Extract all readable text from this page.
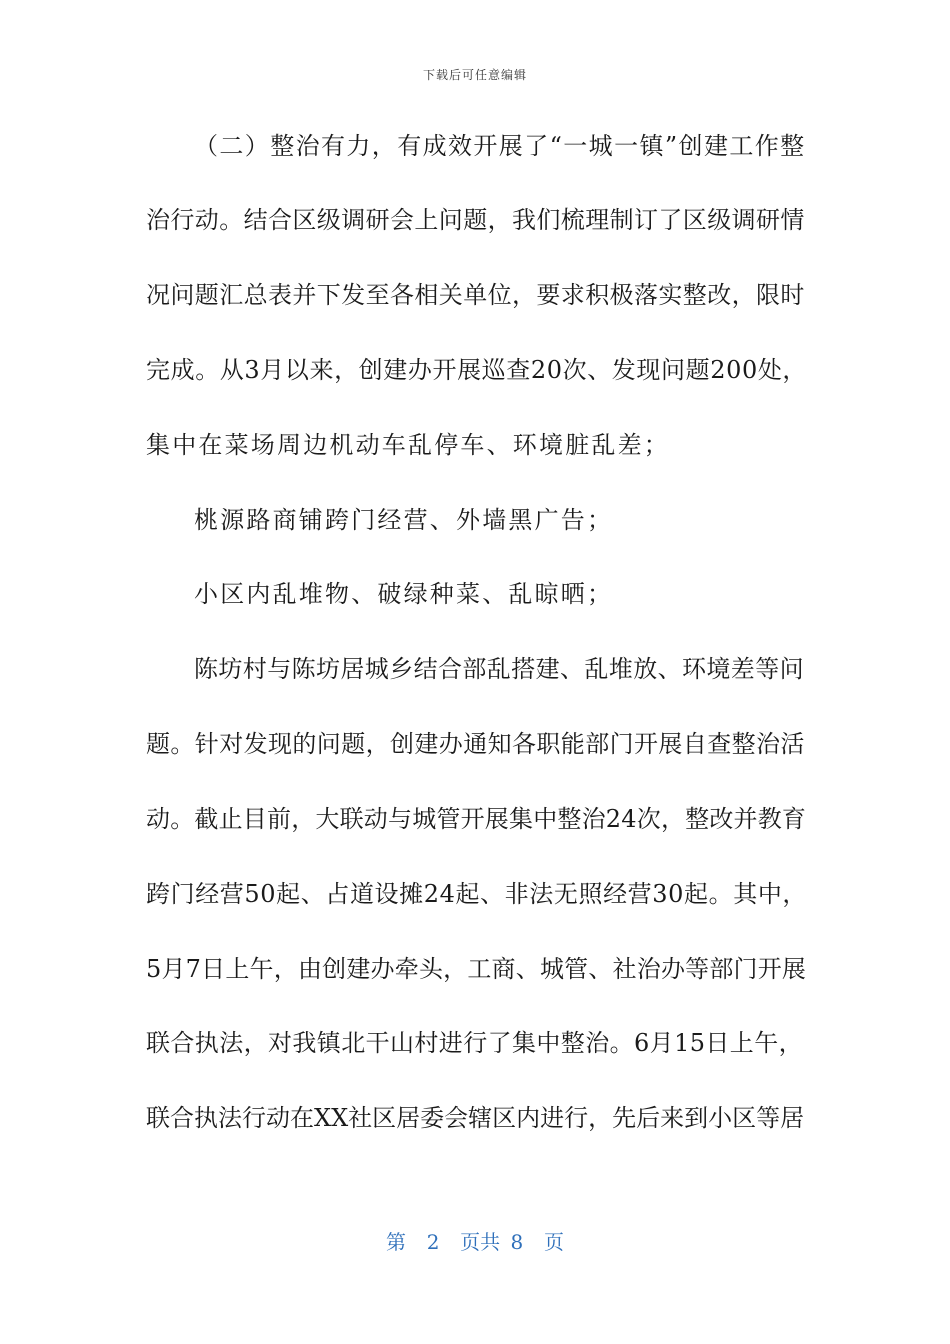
下载后可任意编辑
（二）整治有力，有成效开展了“一城一镇”创建工作整
治行动。结合区级调研会上问题，我们梳理制订了区级调研情
况问题汇总表并下发至各相关单位，要求积极落实整改，限时
完成。从3月以来，创建办开展巡查20次、发现问题200处，
集中在菜场周边机动车乱停车、环境脏乱差；
桃源路商铺跨门经营、外墙黑广告；
小区内乱堆物、破绿种菜、乱晾晒；
陈坊村与陈坊居城乡结合部乱搭建、乱堆放、环境差等问
题。针对发现的问题，创建办通知各职能部门开展自查整治活
动。截止目前，大联动与城管开展集中整治24次，整改并教育
跨门经营50起、占道设摊24起、非法无照经营30起。其中，
5月7日上午，由创建办牵头，工商、城管、社治办等部门开展
联合执法，对我镇北干山村进行了集中整治。6月15日上午，
联合执法行动在XX社区居委会辖区内进行，先后来到小区等居
第  2  页共 8  页
